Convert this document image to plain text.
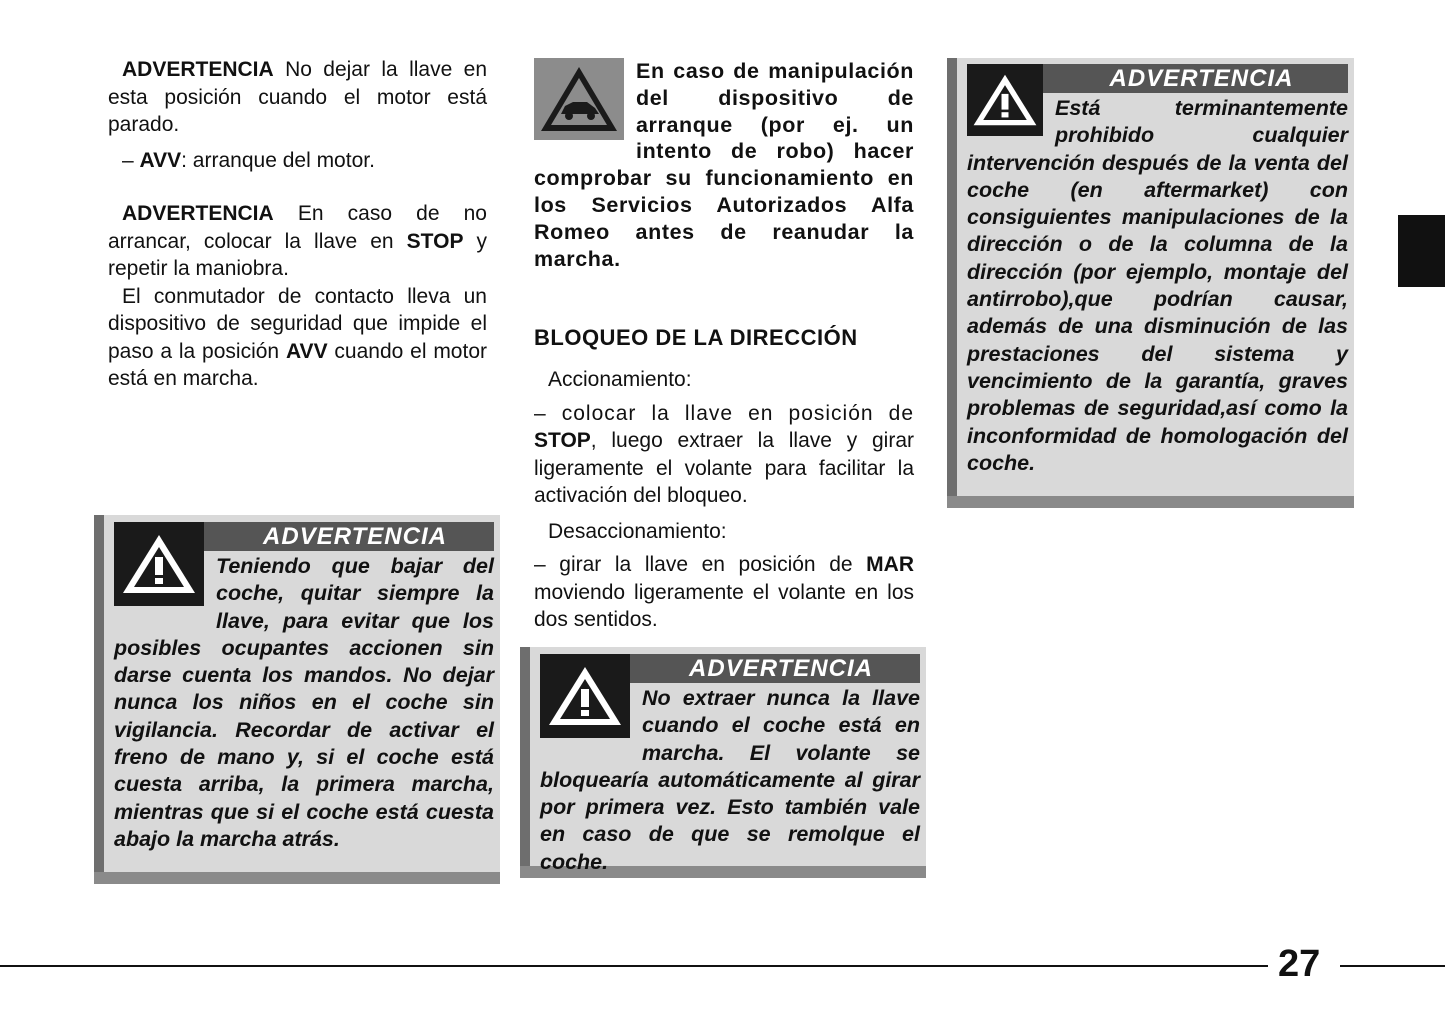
ADVERTENCIA No dejar la llave en esta posición cuando el motor está parado.

– AVV: arranque del motor.

ADVERTENCIA En caso de no arrancar, colocar la llave en STOP y repetir la maniobra.

El conmutador de contacto lleva un dispositivo de seguridad que impide el paso a la posición AVV cuando el motor está en marcha.

ADVERTENCIA
Teniendo que bajar del coche, quitar siempre la llave, para evitar que los posibles ocupantes accionen sin darse cuenta los mandos. No dejar nunca los niños en el coche sin vigilancia. Recordar de activar el freno de mano y, si el coche está cuesta arriba, la primera marcha, mientras que si el coche está cuesta abajo la marcha atrás.
En caso de manipulación del dispositivo de arranque (por ej. un intento de robo) hacer comprobar su funcionamiento en los Servicios Autorizados Alfa Romeo antes de reanudar la marcha.
BLOQUEO DE LA DIRECCIÓN

Accionamiento:

– colocar la llave en posición de STOP, luego extraer la llave y girar ligeramente el volante para facilitar la activación del bloqueo.

Desaccionamiento:

– girar la llave en posición de MAR moviendo ligeramente el volante en los dos sentidos.

ADVERTENCIA
No extraer nunca la llave cuando el coche está en marcha. El volante se bloquearía automáticamente al girar por primera vez. Esto también vale en caso de que se remolque el coche.
ADVERTENCIA
Está terminantemente prohibido cualquier intervención después de la venta del coche (en aftermarket) con consiguientes manipulaciones de la dirección o de la columna de la dirección (por ejemplo, montaje del antirrobo),que podrían causar, además de una disminución de las prestaciones del sistema y vencimiento de la garantía, graves problemas de seguridad,así como la inconformidad de homologación del coche.
27
